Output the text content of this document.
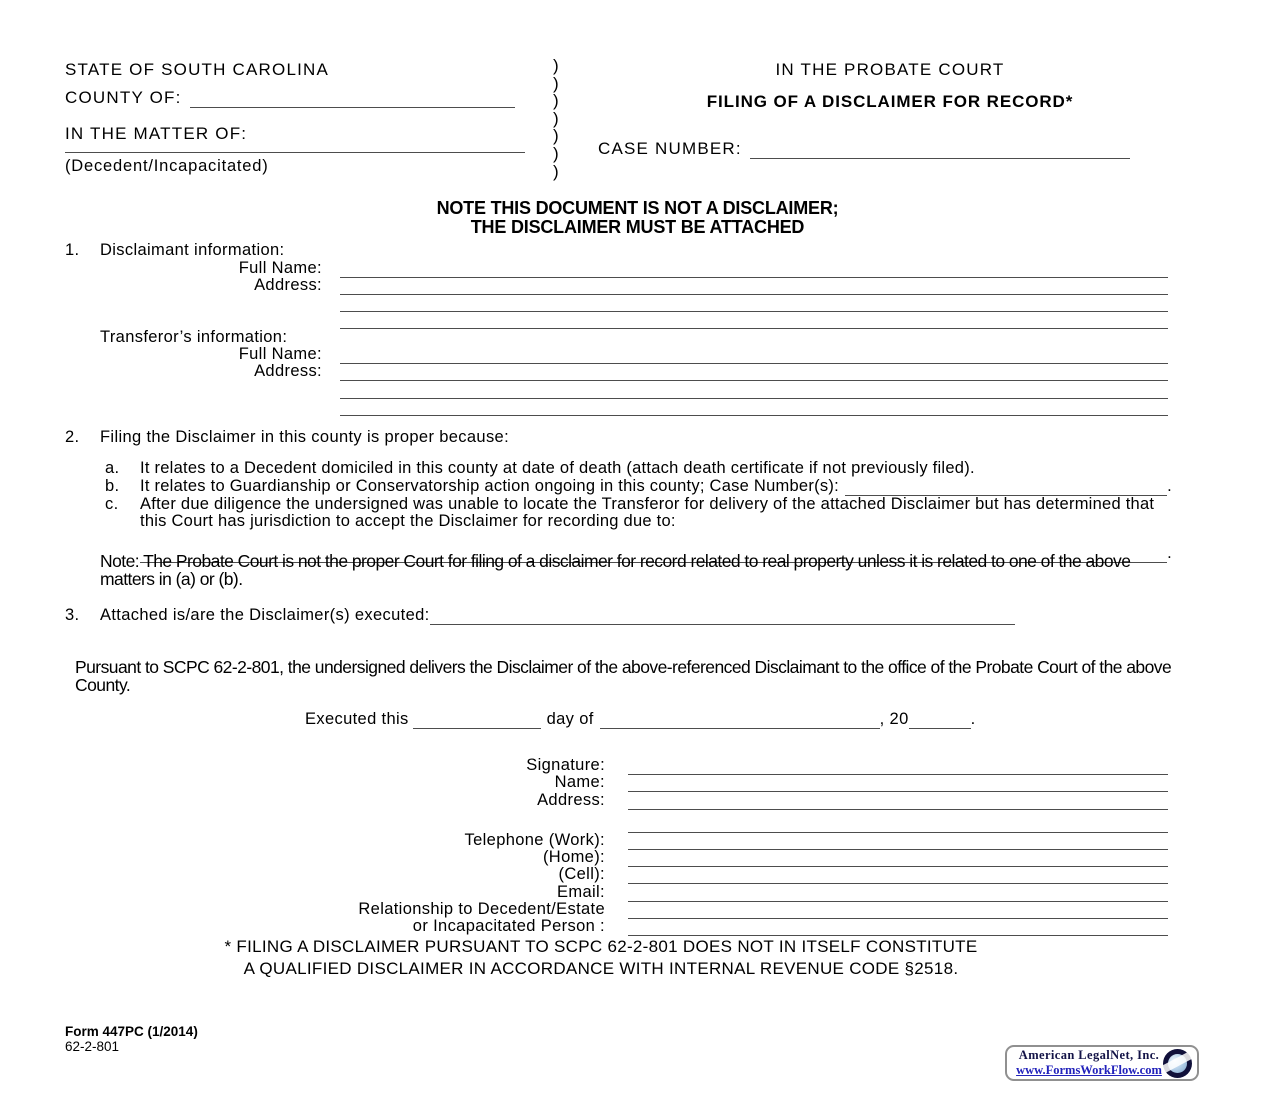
STATE OF SOUTH CAROLINA
COUNTY OF:
IN THE MATTER OF:
(Decedent/Incapacitated)
)
)
)
)
)
)
)
IN THE PROBATE COURT
FILING OF A DISCLAIMER FOR RECORD*
CASE NUMBER:
NOTE THIS DOCUMENT IS NOT A DISCLAIMER;
THE DISCLAIMER MUST BE ATTACHED
1.	Disclaimant information:
Full Name:
Address:
Transferor’s information:
Full Name:
Address:
2.	Filing the Disclaimer in this county is proper because:
a.	It relates to a Decedent domiciled in this county at date of death (attach death certificate if not previously filed).
b.	It relates to Guardianship or Conservatorship action ongoing in this county; Case Number(s):	.
c.	After due diligence the undersigned was unable to locate the Transferor for delivery of the attached Disclaimer but has determined that this Court has jurisdiction to accept the Disclaimer for recording due to:
.
Note: The Probate Court is not the proper Court for filing of a disclaimer for record related to real property unless it is related to one of the above matters in (a) or (b).
3.	Attached is/are the Disclaimer(s) executed:
Pursuant to SCPC 62-2-801, the undersigned delivers the Disclaimer of the above-referenced Disclaimant to the office of the Probate Court of the above County.
Executed this	day of	, 20	.
Signature:
Name:
Address:
Telephone (Work):
(Home):
(Cell):
Email:
Relationship to Decedent/Estate
or Incapacitated Person :
* FILING A DISCLAIMER PURSUANT TO SCPC 62-2-801 DOES NOT IN ITSELF CONSTITUTE
A QUALIFIED DISCLAIMER IN ACCORDANCE WITH INTERNAL REVENUE CODE §2518.
Form 447PC (1/2014)
62-2-801
American LegalNet, Inc.
www.FormsWorkFlow.com
